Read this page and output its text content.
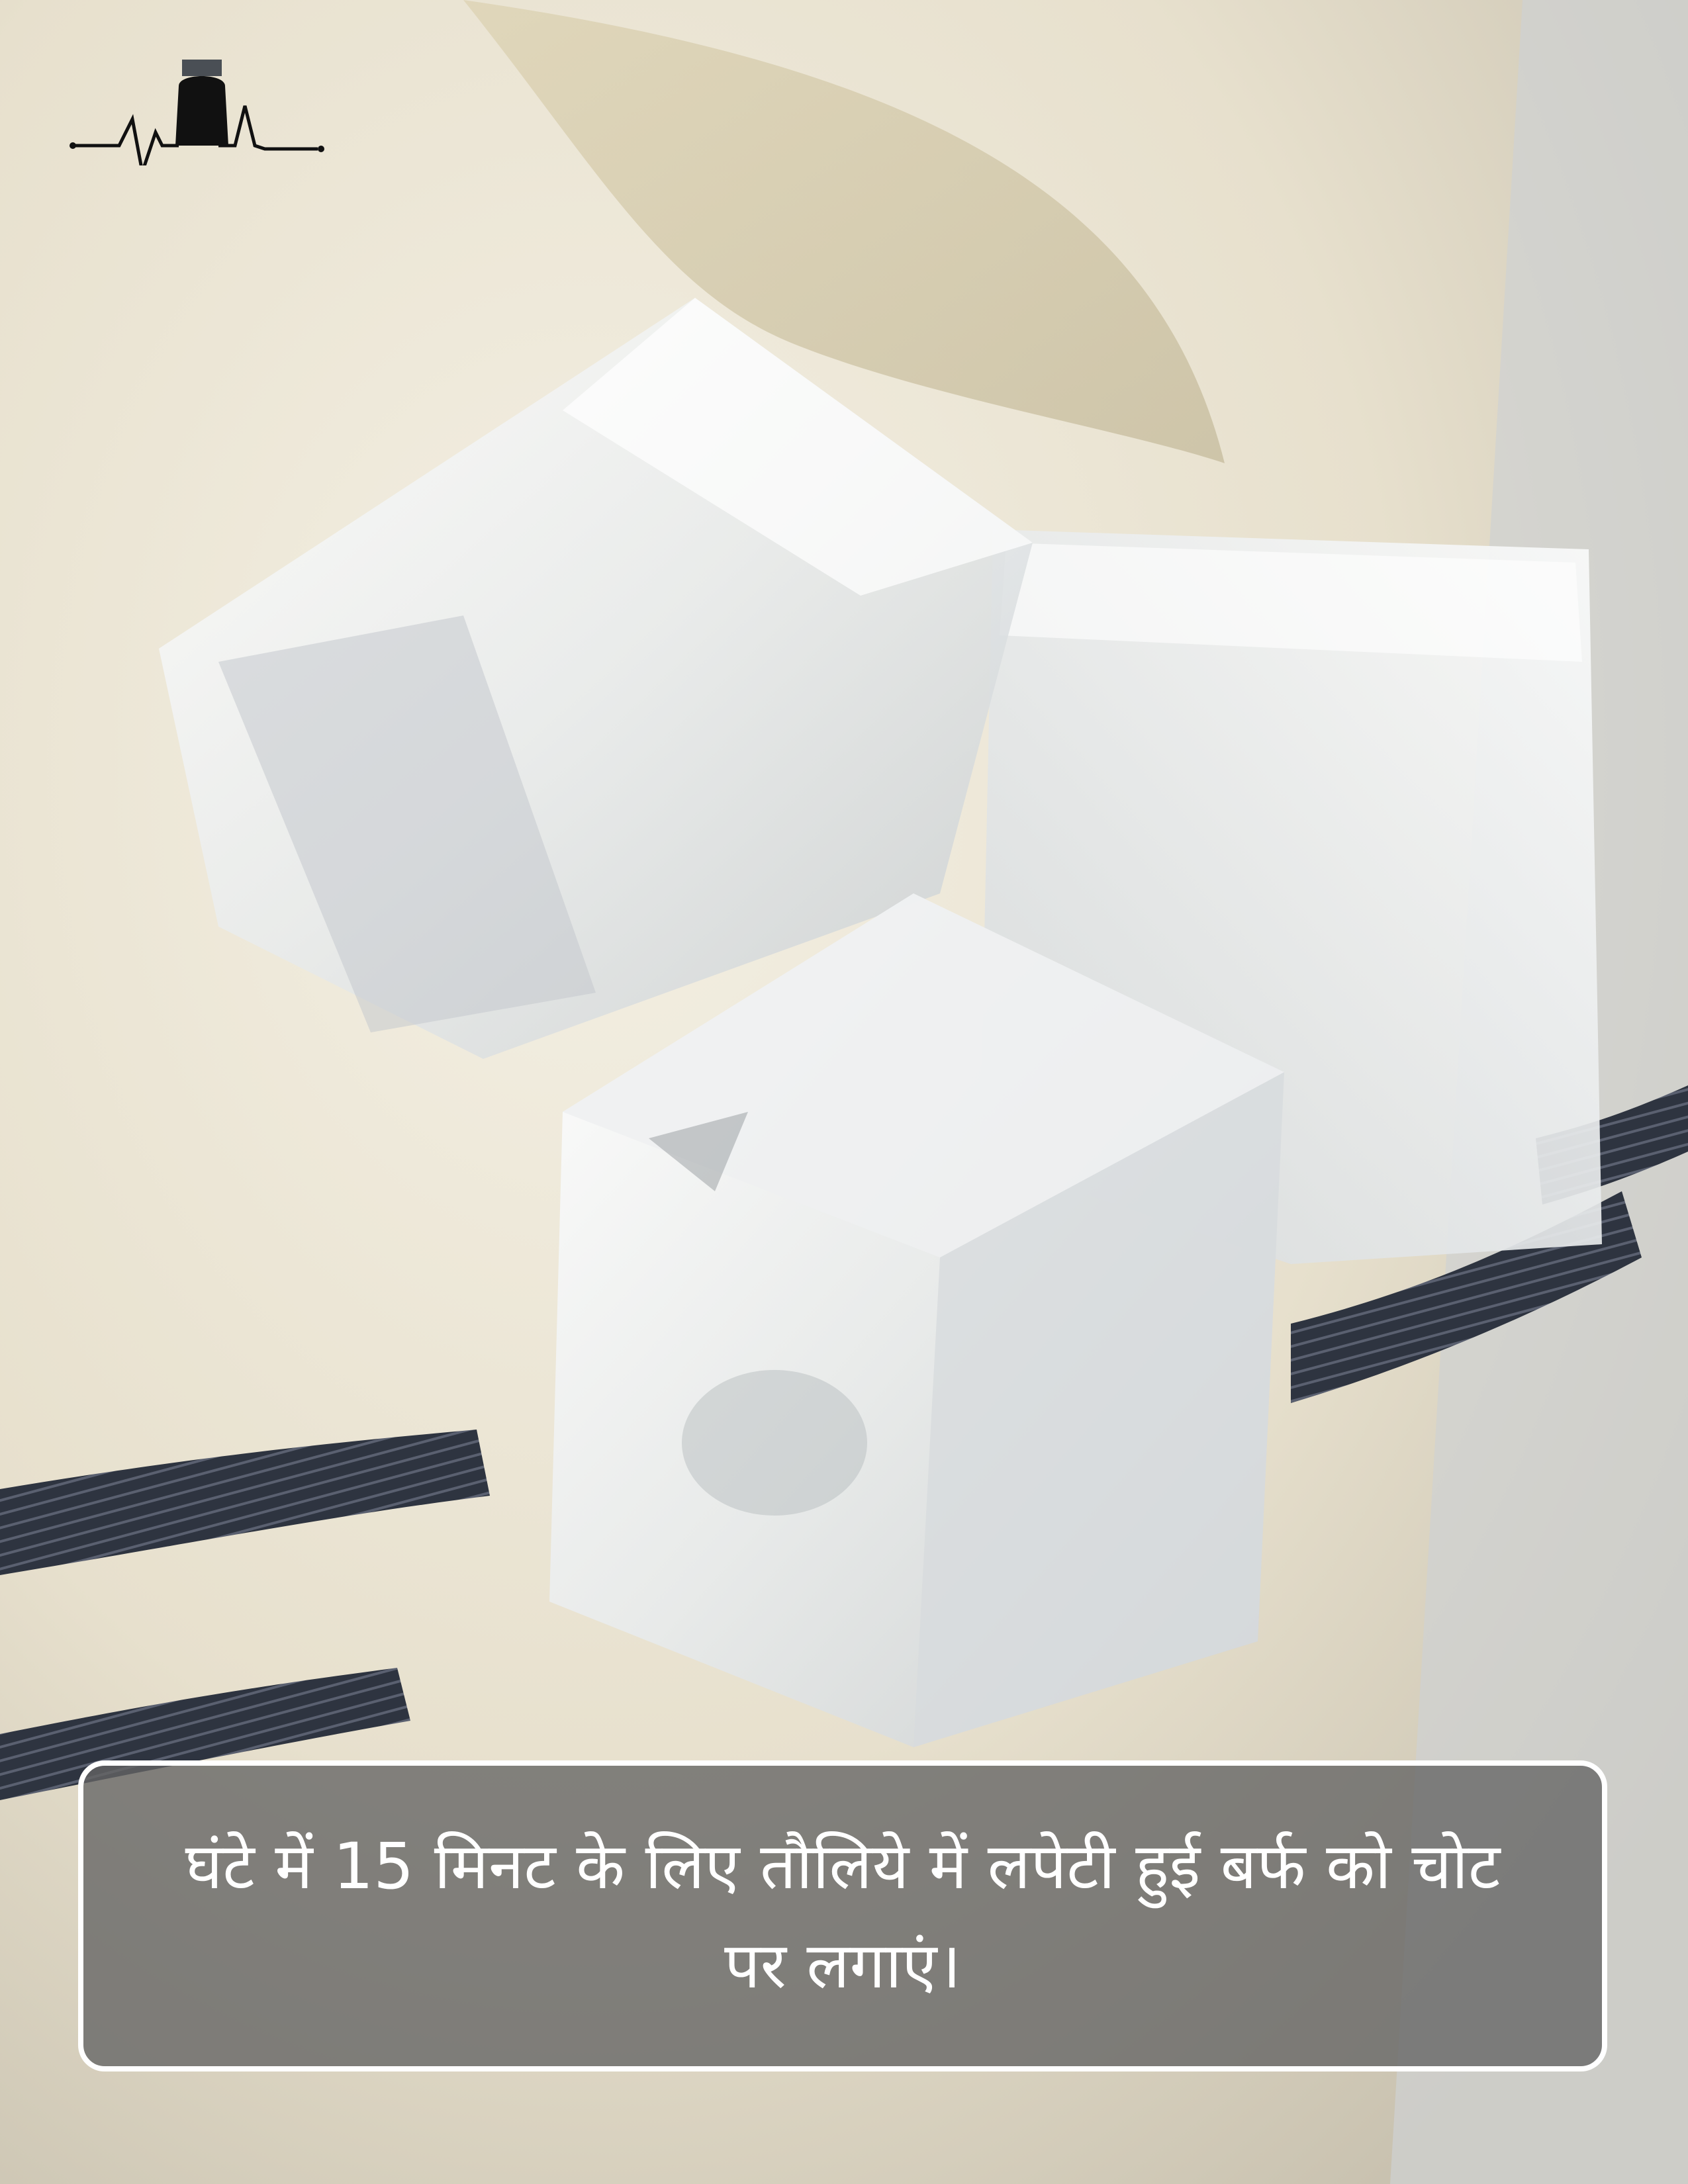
घंटे में 15 मिनट के लिए तौलिये में लपेटी हुई बर्फ को चोट पर लगाएं।
